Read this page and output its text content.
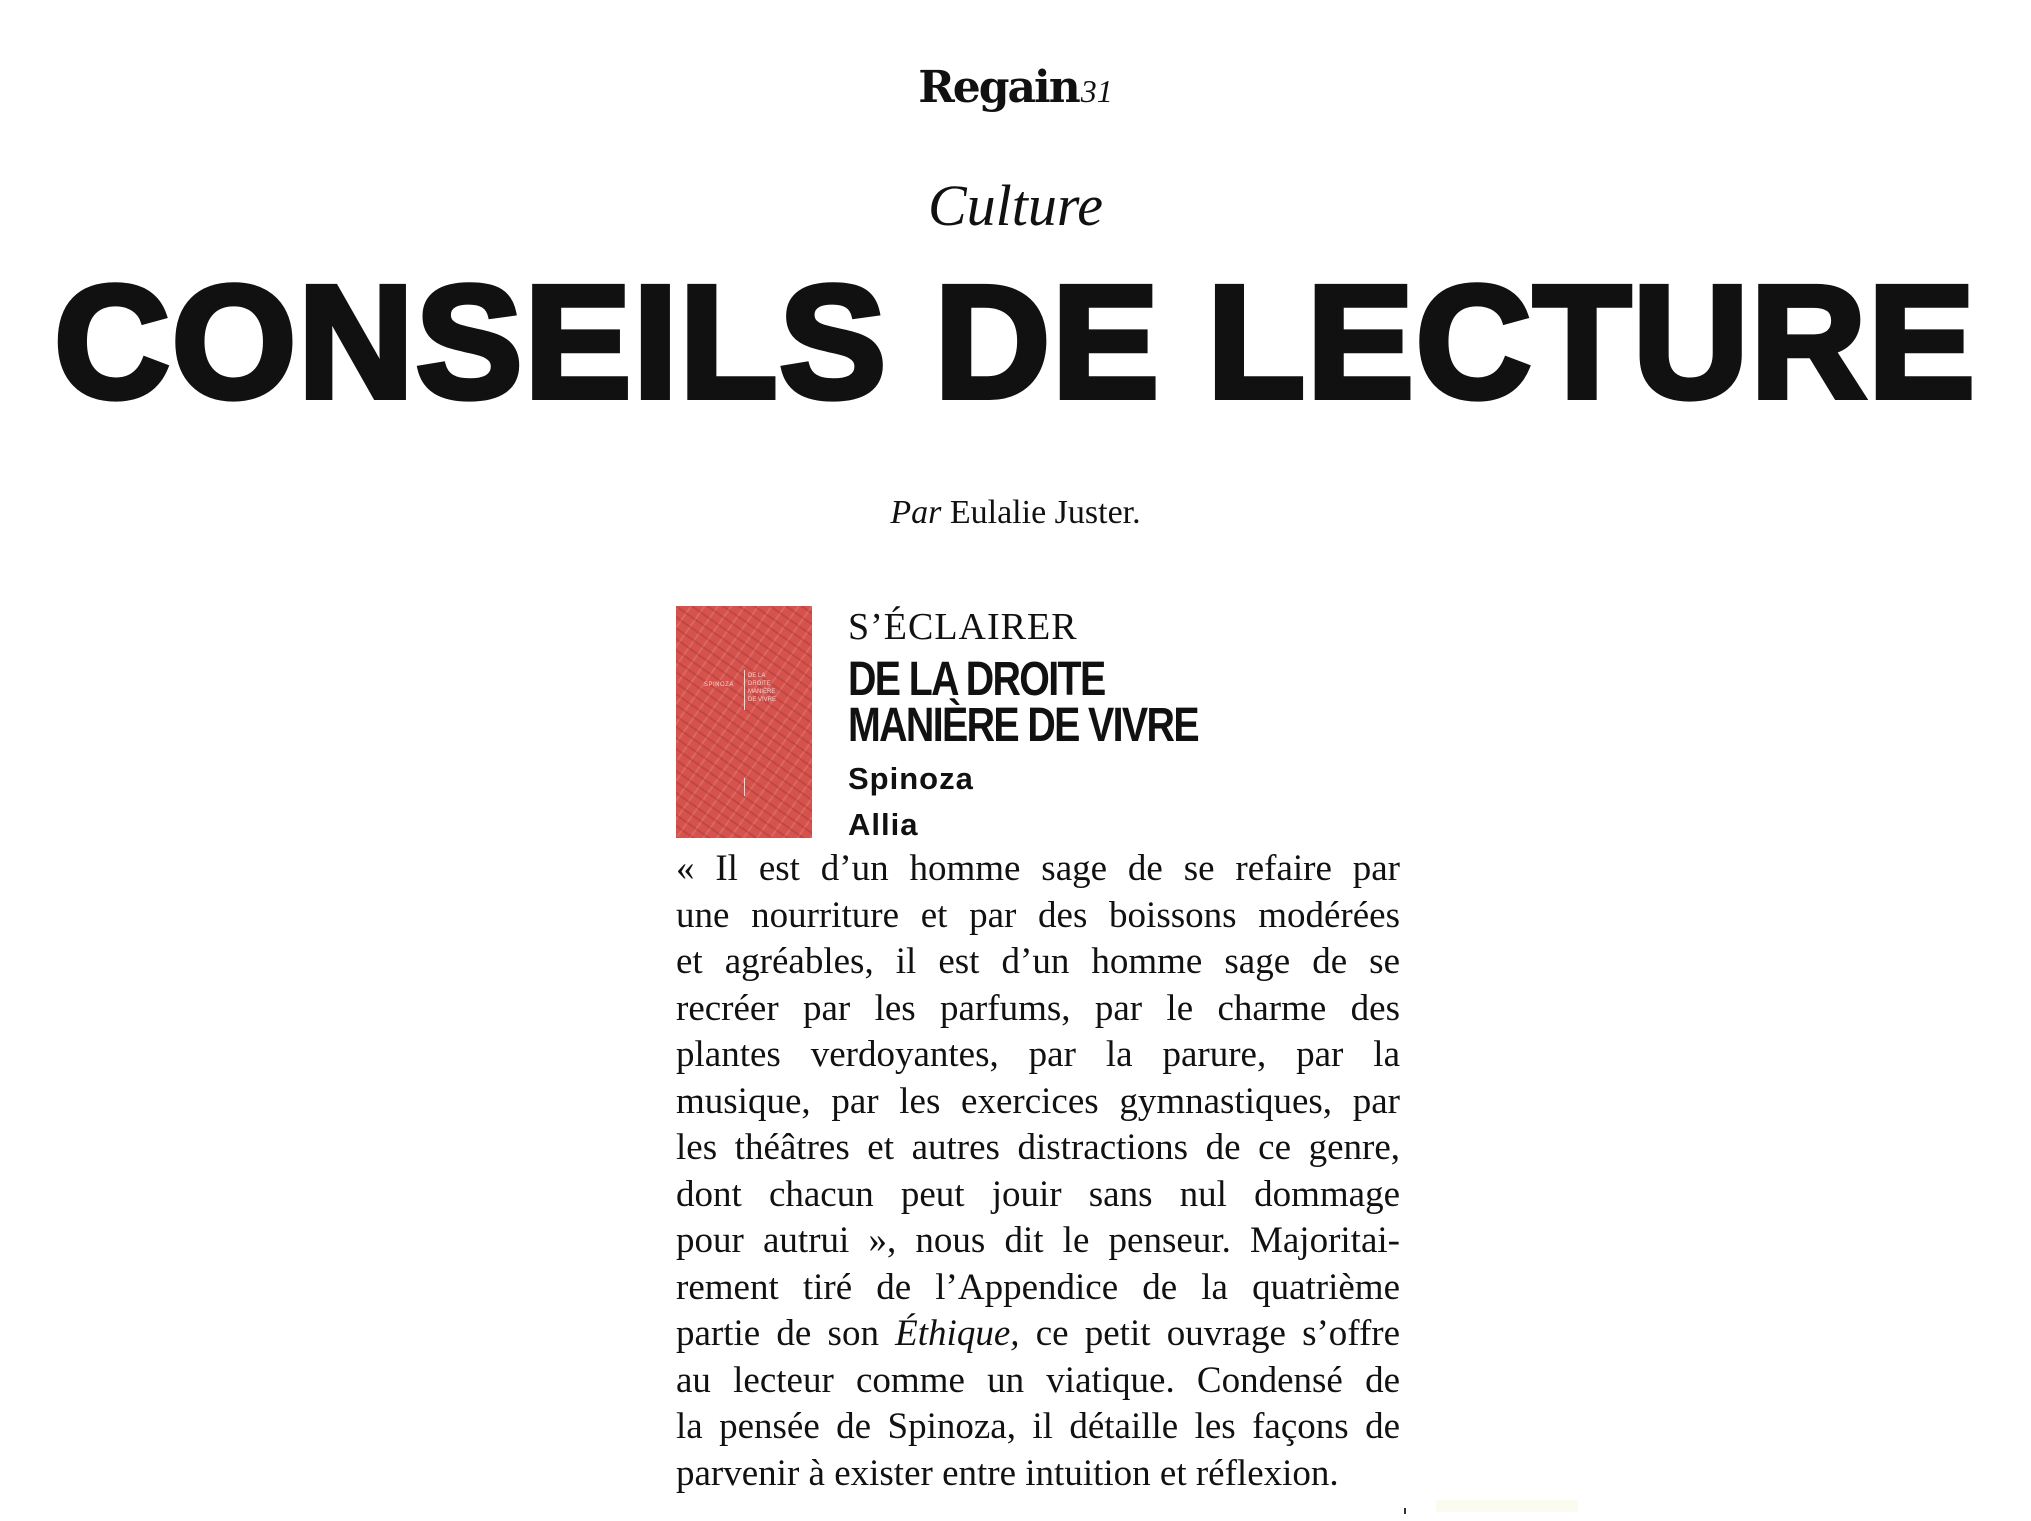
Regain31
Culture
CONSEILS DE LECTURE
Par Eulalie Juster.
SPINOZA
DE LA
DROITE
MANIÈRE
DE VIVRE
S’ÉCLAIRER
DE LA DROITE
MANIÈRE DE VIVRE
Spinoza
Allia
« Il est d’un homme sage de se refaire par
une nourriture et par des boissons modérées
et agréables, il est d’un homme sage de se
recréer par les parfums, par le charme des
plantes verdoyantes, par la parure, par la
musique, par les exercices gymnastiques, par
les théâtres et autres distractions de ce genre,
dont chacun peut jouir sans nul dommage
pour autrui », nous dit le penseur. Majoritai-
rement tiré de l’Appendice de la quatrième
partie de son Éthique, ce petit ouvrage s’offre
au lecteur comme un viatique. Condensé de
la pensée de Spinoza, il détaille les façons de
parvenir à exister entre intuition et réflexion.
